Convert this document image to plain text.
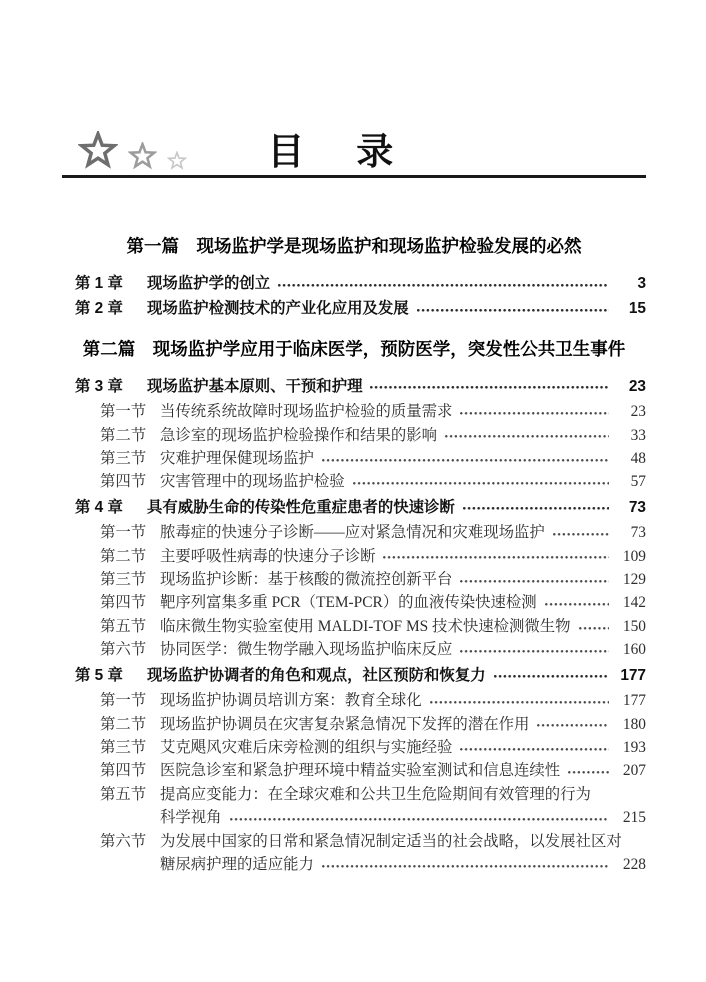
目　录
第一篇　现场监护学是现场监护和现场监护检验发展的必然
第 1 章	现场监护学的创立	3
第 2 章	现场监护检测技术的产业化应用及发展	15
第二篇　现场监护学应用于临床医学，预防医学，突发性公共卫生事件
第 3 章	现场监护基本原则、干预和护理	23
第一节 当传统系统故障时现场监护检验的质量需求	23
第二节 急诊室的现场监护检验操作和结果的影响	33
第三节 灾难护理保健现场监护	48
第四节 灾害管理中的现场监护检验	57
第 4 章	具有威胁生命的传染性危重症患者的快速诊断	73
第一节 脓毒症的快速分子诊断——应对紧急情况和灾难现场监护	73
第二节 主要呼吸性病毒的快速分子诊断	109
第三节 现场监护诊断：基于核酸的微流控创新平台	129
第四节 靶序列富集多重 PCR（TEM-PCR）的血液传染快速检测	142
第五节 临床微生物实验室使用 MALDI-TOF MS 技术快速检测微生物	150
第六节 协同医学：微生物学融入现场监护临床反应	160
第 5 章	现场监护协调者的角色和观点，社区预防和恢复力	177
第一节 现场监护协调员培训方案：教育全球化	177
第二节 现场监护协调员在灾害复杂紧急情况下发挥的潜在作用	180
第三节 艾克飓风灾难后床旁检测的组织与实施经验	193
第四节 医院急诊室和紧急护理环境中精益实验室测试和信息连续性	207
第五节 提高应变能力：在全球灾难和公共卫生危险期间有效管理的行为
科学视角	215
第六节 为发展中国家的日常和紧急情况制定适当的社会战略，以发展社区对
糖尿病护理的适应能力	228
